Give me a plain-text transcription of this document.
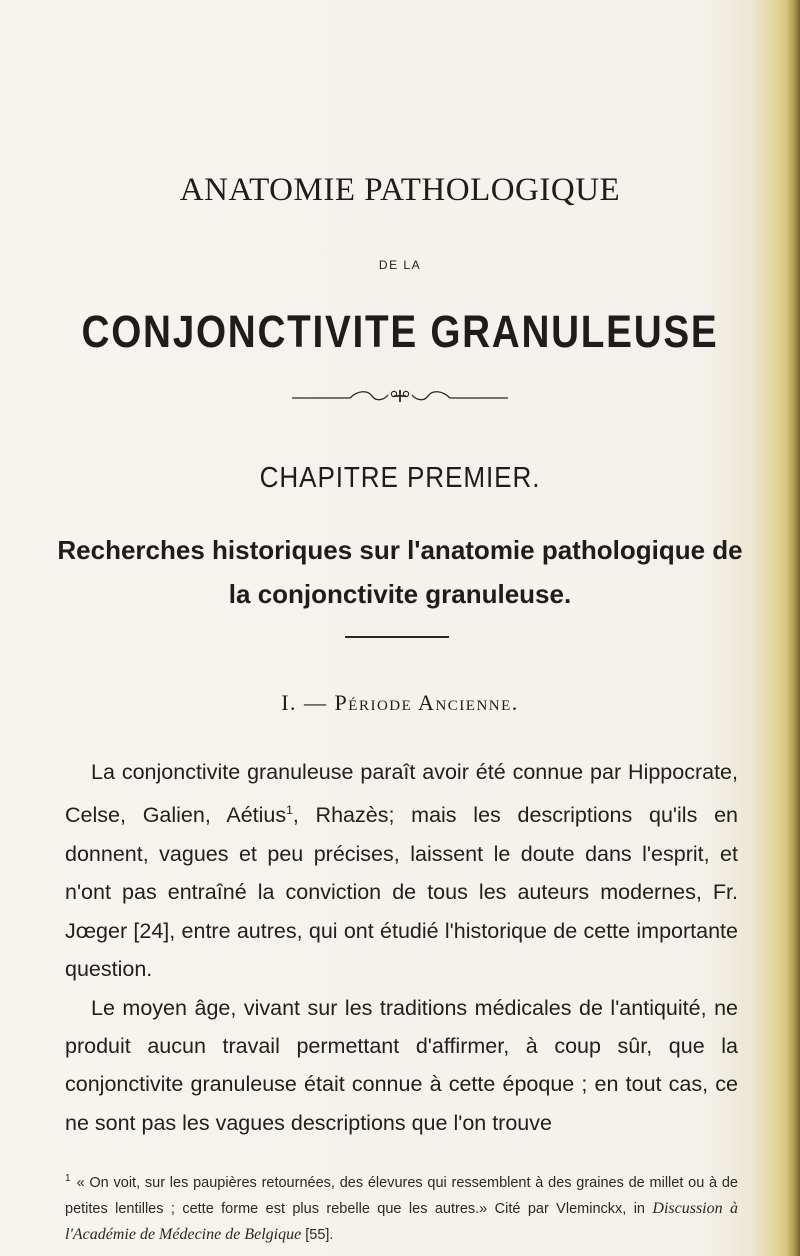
ANATOMIE PATHOLOGIQUE
DE LA
CONJONCTIVITE GRANULEUSE
CHAPITRE PREMIER.
Recherches historiques sur l'anatomie pathologique de
la conjonctivite granuleuse.
I. — Période Ancienne.

La conjonctivite granuleuse paraît avoir été connue par Hippocrate, Celse, Galien, Aétius$^1$, Rhazès; mais les descriptions qu'ils en donnent, vagues et peu précises, laissent le doute dans l'esprit, et n'ont pas entraîné la conviction de tous les auteurs modernes, Fr. Jœger [24], entre autres, qui ont étudié l'historique de cette importante question.

Le moyen âge, vivant sur les traditions médicales de l'antiquité, ne produit aucun travail permettant d'affirmer, à coup sûr, que la conjonctivite granuleuse était connue à cette époque ; en tout cas, ce ne sont pas les vagues descriptions que l'on trouve

$^1$ « On voit, sur les paupières retournées, des élevures qui ressemblent à des graines de millet ou à de petites lentilles ; cette forme est plus rebelle que les autres.» Cité par Vleminckx, in Discussion à l'Académie de Médecine de Belgique [55].
